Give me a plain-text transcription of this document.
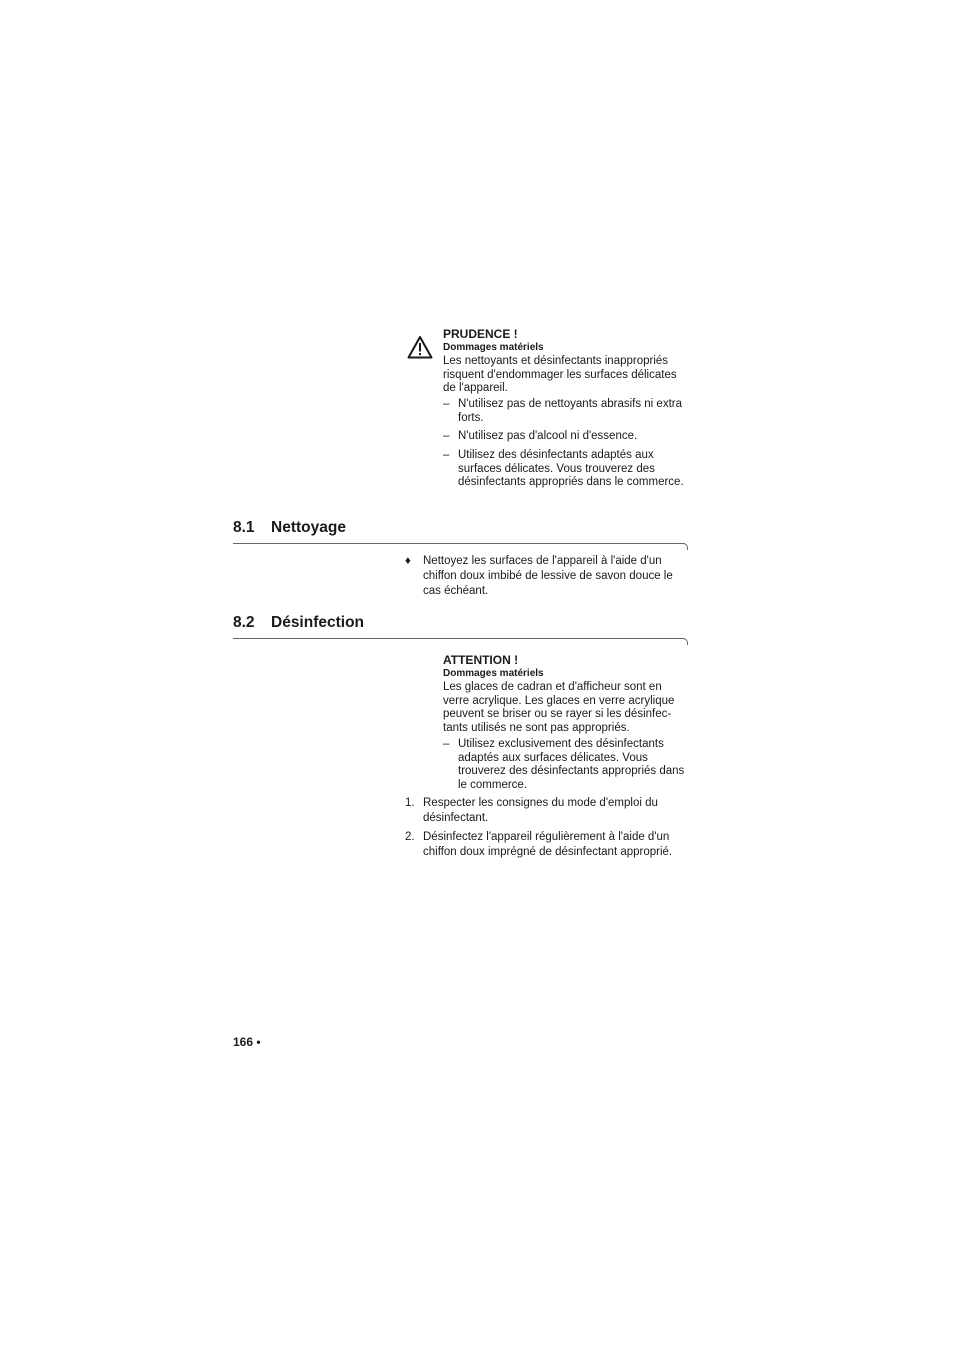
PRUDENCE !
Dommages matériels
Les nettoyants et désinfectants inappropriés risquent d'endommager les surfaces délicates de l'appareil.
– N'utilisez pas de nettoyants abrasifs ni extra forts.
– N'utilisez pas d'alcool ni d'essence.
– Utilisez des désinfectants adaptés aux surfaces délicates. Vous trouverez des désinfectants appropriés dans le commerce.
8.1 Nettoyage
♦ Nettoyez les surfaces de l'appareil à l'aide d'un chiffon doux imbibé de lessive de savon douce le cas échéant.
8.2 Désinfection
ATTENTION !
Dommages matériels
Les glaces de cadran et d'afficheur sont en verre acrylique. Les glaces en verre acrylique peuvent se briser ou se rayer si les désinfec-tants utilisés ne sont pas appropriés.
– Utilisez exclusivement des désinfectants adaptés aux surfaces délicates. Vous trouverez des désinfectants appropriés dans le commerce.
1. Respecter les consignes du mode d'emploi du désinfectant.
2. Désinfectez l'appareil régulièrement à l'aide d'un chiffon doux imprégné de désinfectant approprié.
166 •
